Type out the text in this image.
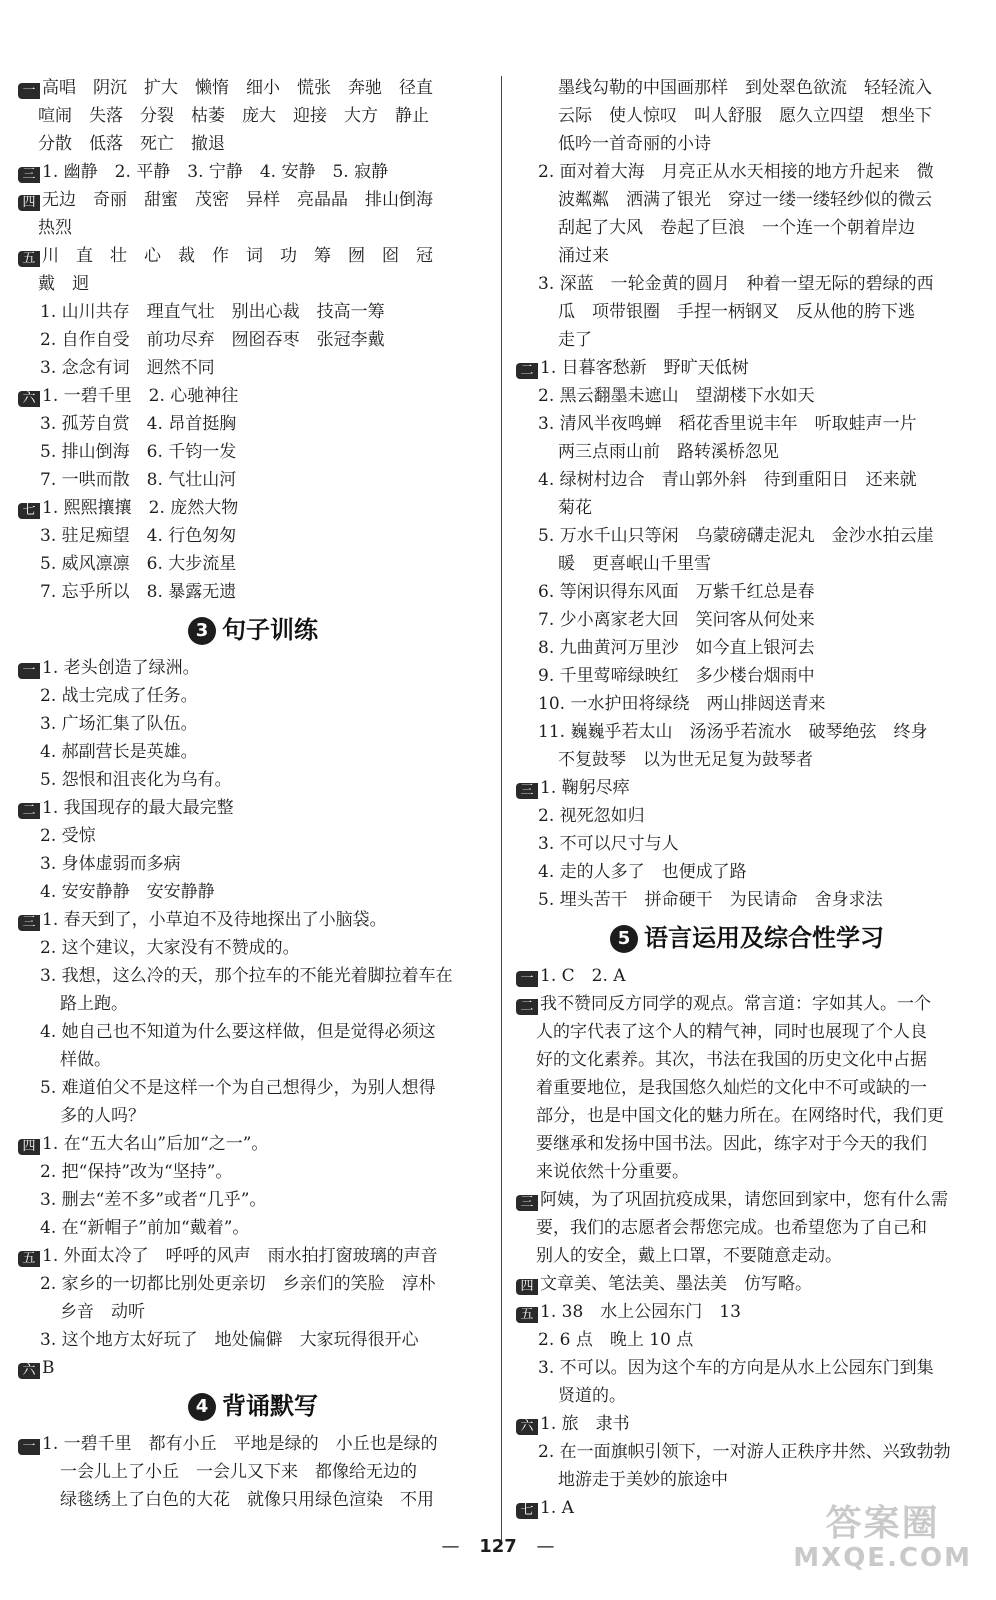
一 高唱　阴沉　扩大　懒惰　细小　慌张　奔驰　径直
喧闹　失落　分裂　枯萎　庞大　迎接　大方　静止
分散　低落　死亡　撤退
三 1. 幽静　2. 平静　3. 宁静　4. 安静　5. 寂静
四 无边　奇丽　甜蜜　茂密　异样　亮晶晶　排山倒海
热烈
五 川　直　壮　心　裁　作　词　功　筹　囫　囵　冠
戴　迥
1. 山川共存　理直气壮　别出心裁　技高一筹
2. 自作自受　前功尽弃　囫囵吞枣　张冠李戴
3. 念念有词　迥然不同
六 1. 一碧千里　2. 心驰神往
3. 孤芳自赏　4. 昂首挺胸
5. 排山倒海　6. 千钧一发
7. 一哄而散　8. 气壮山河
七 1. 熙熙攘攘　2. 庞然大物
3. 驻足痴望　4. 行色匆匆
5. 威风凛凛　6. 大步流星
7. 忘乎所以　8. 暴露无遗
3 句子训练
一 1. 老头创造了绿洲。
2. 战士完成了任务。
3. 广场汇集了队伍。
4. 郝副营长是英雄。
5. 怨恨和沮丧化为乌有。
二 1. 我国现存的最大最完整
2. 受惊
3. 身体虚弱而多病
4. 安安静静　安安静静
三 1. 春天到了，小草迫不及待地探出了小脑袋。
2. 这个建议，大家没有不赞成的。
3. 我想，这么冷的天，那个拉车的不能光着脚拉着车在
路上跑。
4. 她自己也不知道为什么要这样做，但是觉得必须这
样做。
5. 难道伯父不是这样一个为自己想得少，为别人想得
多的人吗？
四 1. 在“五大名山”后加“之一”。
2. 把“保持”改为“坚持”。
3. 删去“差不多”或者“几乎”。
4. 在“新帽子”前加“戴着”。
五 1. 外面太冷了　呼呼的风声　雨水拍打窗玻璃的声音
2. 家乡的一切都比别处更亲切　乡亲们的笑脸　淳朴
乡音　动听
3. 这个地方太好玩了　地处偏僻　大家玩得很开心
六 B
4 背诵默写
一 1. 一碧千里　都有小丘　平地是绿的　小丘也是绿的
一会儿上了小丘　一会儿又下来　都像给无边的
绿毯绣上了白色的大花　就像只用绿色渲染　不用
墨线勾勒的中国画那样　到处翠色欲流　轻轻流入
云际　使人惊叹　叫人舒服　愿久立四望　想坐下
低吟一首奇丽的小诗
2. 面对着大海　月亮正从水天相接的地方升起来　微
波粼粼　洒满了银光　穿过一缕一缕轻纱似的微云
刮起了大风　卷起了巨浪　一个连一个朝着岸边
涌过来
3. 深蓝　一轮金黄的圆月　种着一望无际的碧绿的西
瓜　项带银圈　手捏一柄钢叉　反从他的胯下逃
走了
二 1. 日暮客愁新　野旷天低树
2. 黑云翻墨未遮山　望湖楼下水如天
3. 清风半夜鸣蝉　稻花香里说丰年　听取蛙声一片
两三点雨山前　路转溪桥忽见
4. 绿树村边合　青山郭外斜　待到重阳日　还来就
菊花
5. 万水千山只等闲　乌蒙磅礴走泥丸　金沙水拍云崖
暖　更喜岷山千里雪
6. 等闲识得东风面　万紫千红总是春
7. 少小离家老大回　笑问客从何处来
8. 九曲黄河万里沙　如今直上银河去
9. 千里莺啼绿映红　多少楼台烟雨中
10. 一水护田将绿绕　两山排闼送青来
11. 巍巍乎若太山　汤汤乎若流水　破琴绝弦　终身
不复鼓琴　以为世无足复为鼓琴者
三 1. 鞠躬尽瘁
2. 视死忽如归
3. 不可以尺寸与人
4. 走的人多了　也便成了路
5. 埋头苦干　拼命硬干　为民请命　舍身求法
5 语言运用及综合性学习
一 1. C　2. A
二 我不赞同反方同学的观点。常言道：字如其人。一个
人的字代表了这个人的精气神，同时也展现了个人良
好的文化素养。其次，书法在我国的历史文化中占据
着重要地位，是我国悠久灿烂的文化中不可或缺的一
部分，也是中国文化的魅力所在。在网络时代，我们更
要继承和发扬中国书法。因此，练字对于今天的我们
来说依然十分重要。
三 阿姨，为了巩固抗疫成果，请您回到家中，您有什么需
要，我们的志愿者会帮您完成。也希望您为了自己和
别人的安全，戴上口罩，不要随意走动。
四 文章美、笔法美、墨法美　仿写略。
五 1. 38　水上公园东门　13
2. 6 点　晚上 10 点
3. 不可以。因为这个车的方向是从水上公园东门到集
贤道的。
六 1. 旅　隶书
2. 在一面旗帜引领下，一对游人正秩序井然、兴致勃勃
地游走于美妙的旅途中
七 1. A
— 127 —
答案圈
MXQE.COM
